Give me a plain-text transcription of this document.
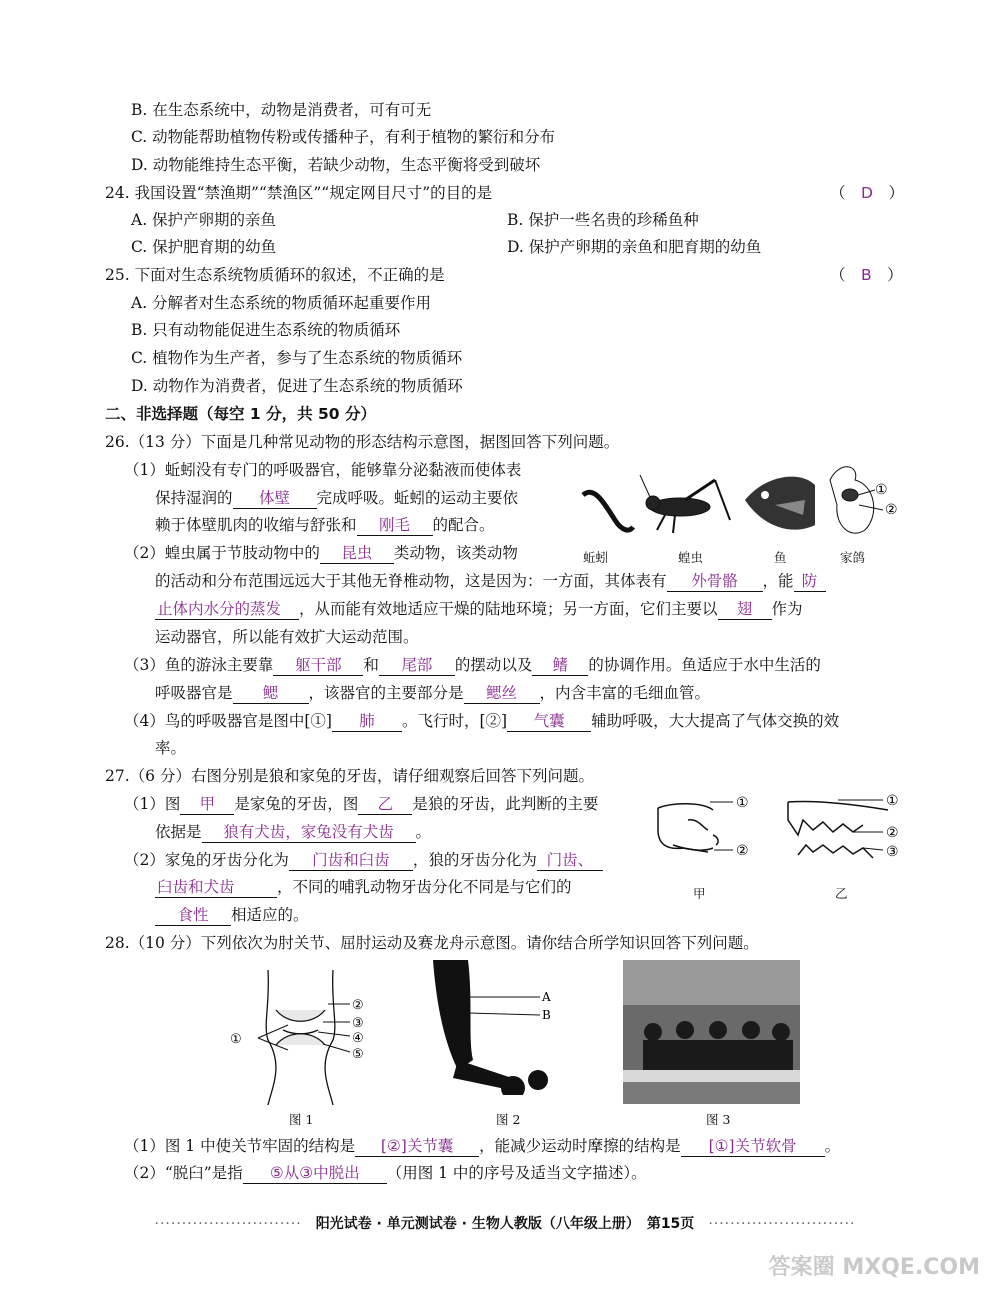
B. 在生态系统中，动物是消费者，可有可无
C. 动物能帮助植物传粉或传播种子，有利于植物的繁衍和分布
D. 动物能维持生态平衡，若缺少动物，生态平衡将受到破坏
24. 我国设置“禁渔期”“禁渔区”“规定网目尺寸”的目的是	（　D　）
A. 保护产卵期的亲鱼	B. 保护一些名贵的珍稀鱼种
C. 保护肥育期的幼鱼	D. 保护产卵期的亲鱼和肥育期的幼鱼
25. 下面对生态系统物质循环的叙述，不正确的是	（　B　）
A. 分解者对生态系统的物质循环起重要作用
B. 只有动物能促进生态系统的物质循环
C. 植物作为生产者，参与了生态系统的物质循环
D. 动物作为消费者，促进了生态系统的物质循环
二、非选择题（每空 1 分，共 50 分）
26.（13 分）下面是几种常见动物的形态结构示意图，据图回答下列问题。
（1）蚯蚓没有专门的呼吸器官，能够靠分泌黏液而使体表
保持湿润的 体壁 完成呼吸。蚯蚓的运动主要依
赖于体壁肌肉的收缩与舒张和 刚毛 的配合。
①
②
蚯蚓	蝗虫	鱼	家鸽
（2）蝗虫属于节肢动物中的 昆虫 类动物，该类动物
的活动和分布范围远远大于其他无脊椎动物，这是因为：一方面，其体表有 外骨骼 ，能 防
止体内水分的蒸发 ，从而能有效地适应干燥的陆地环境；另一方面，它们主要以 翅 作为
运动器官，所以能有效扩大运动范围。
（3）鱼的游泳主要靠 躯干部 和 尾部 的摆动以及 鳍 的协调作用。鱼适应于水中生活的
呼吸器官是 鳃 ，该器官的主要部分是 鳃丝 ，内含丰富的毛细血管。
（4）鸟的呼吸器官是图中[①] 肺 。飞行时，[②] 气囊 辅助呼吸，大大提高了气体交换的效
率。
27.（6 分）右图分别是狼和家兔的牙齿，请仔细观察后回答下列问题。
（1）图 甲 是家兔的牙齿，图 乙 是狼的牙齿，此判断的主要
依据是 狼有犬齿，家兔没有犬齿 。
（2）家兔的牙齿分化为 门齿和臼齿 ，狼的牙齿分化为 门齿、
臼齿和犬齿	，不同的哺乳动物牙齿分化不同是与它们的
食性 相适应的。
①
②
①
②
③
甲	乙
28.（10 分）下列依次为肘关节、屈肘运动及赛龙舟示意图。请你结合所学知识回答下列问题。
①
②
③
④
⑤
A
B
图 1	图 2	图 3
（1）图 1 中使关节牢固的结构是 [②]关节囊 ，能减少运动时摩擦的结构是 [①]关节软骨 。
（2）“脱臼”是指 ⑤从③中脱出 （用图 1 中的序号及适当文字描述）。
···························　 阳光试卷 · 单元测试卷 · 生物人教版（八年级上册）　第15页　 ···························
答案圈 MXQE.COM
